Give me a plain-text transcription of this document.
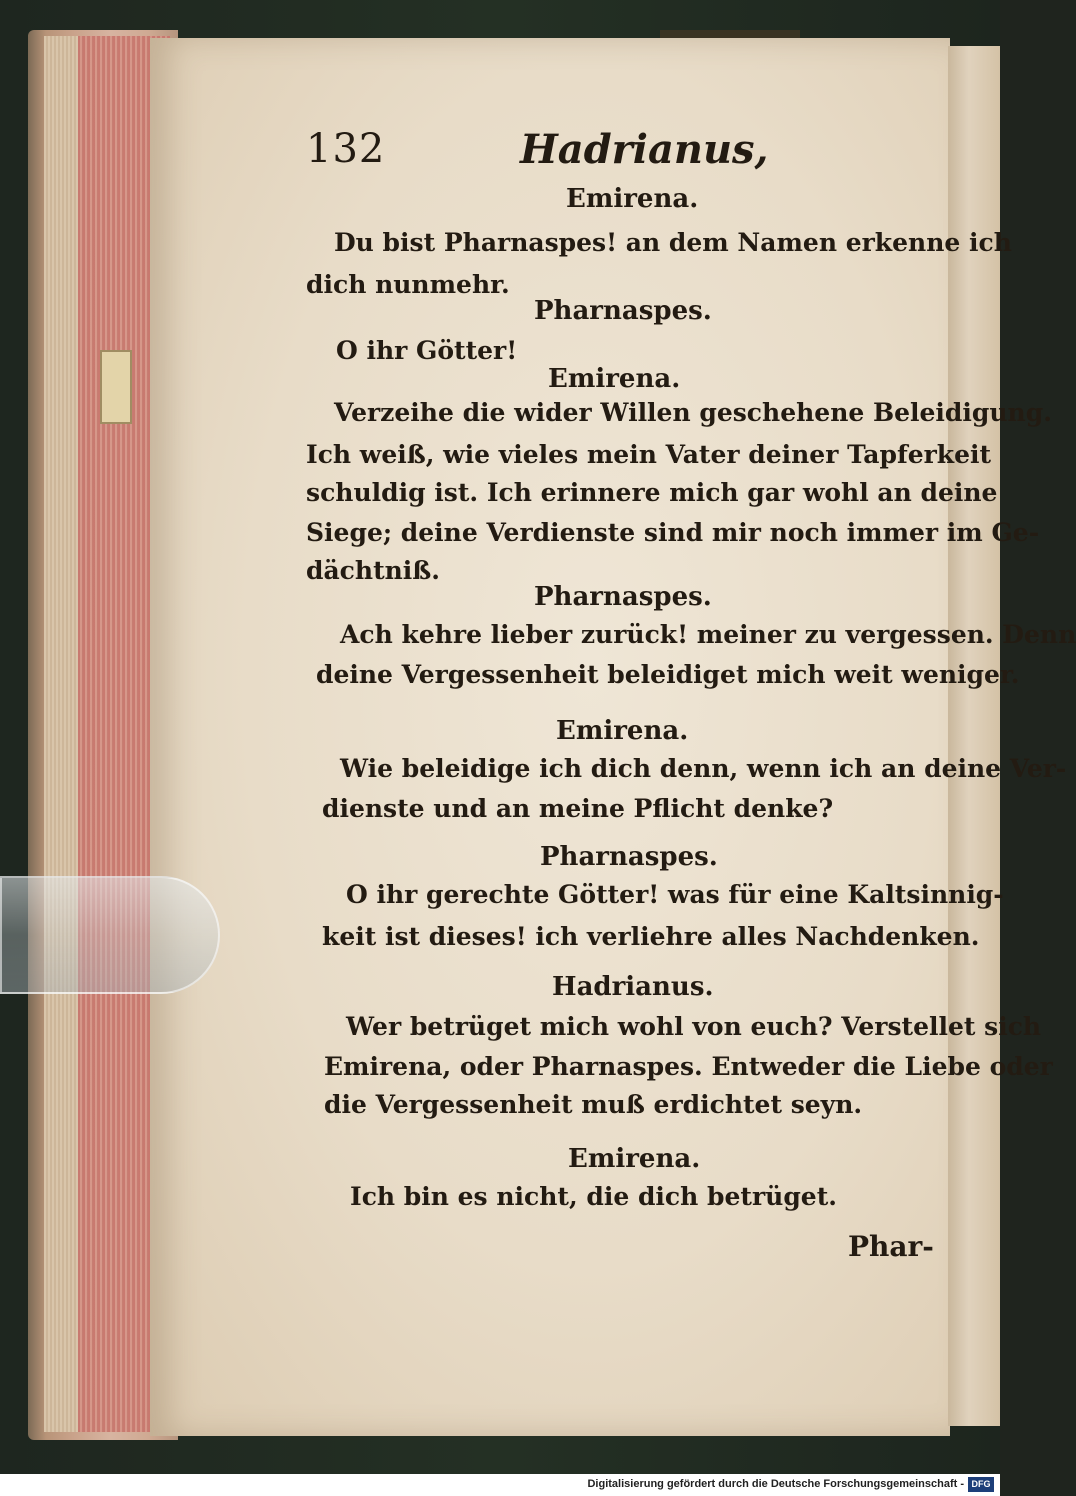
132	Hadrianus,
Emirena.
Du bist Pharnaspes! an dem Namen erkenne ich
dich nunmehr.
Pharnaspes.
O ihr Götter!
Emirena.
Verzeihe die wider Willen geschehene Beleidigung.
Ich weiß, wie vieles mein Vater deiner Tapferkeit
schuldig ist. Ich erinnere mich gar wohl an deine
Siege; deine Verdienste sind mir noch immer im Ge-
dächtniß.
Pharnaspes.
Ach kehre lieber zurück! meiner zu vergessen. Denn
deine Vergessenheit beleidiget mich weit weniger.
Emirena.
Wie beleidige ich dich denn, wenn ich an deine Ver-
dienste und an meine Pflicht denke?
Pharnaspes.
O ihr gerechte Götter! was für eine Kaltsinnig-
keit ist dieses! ich verliehre alles Nachdenken.
Hadrianus.
Wer betrüget mich wohl von euch? Verstellet sich
Emirena, oder Pharnaspes. Entweder die Liebe oder
die Vergessenheit muß erdichtet seyn.
Emirena.
Ich bin es nicht, die dich betrüget.
Phar-
Digitalisierung gefördert durch die Deutsche Forschungsgemeinschaft - DFG
